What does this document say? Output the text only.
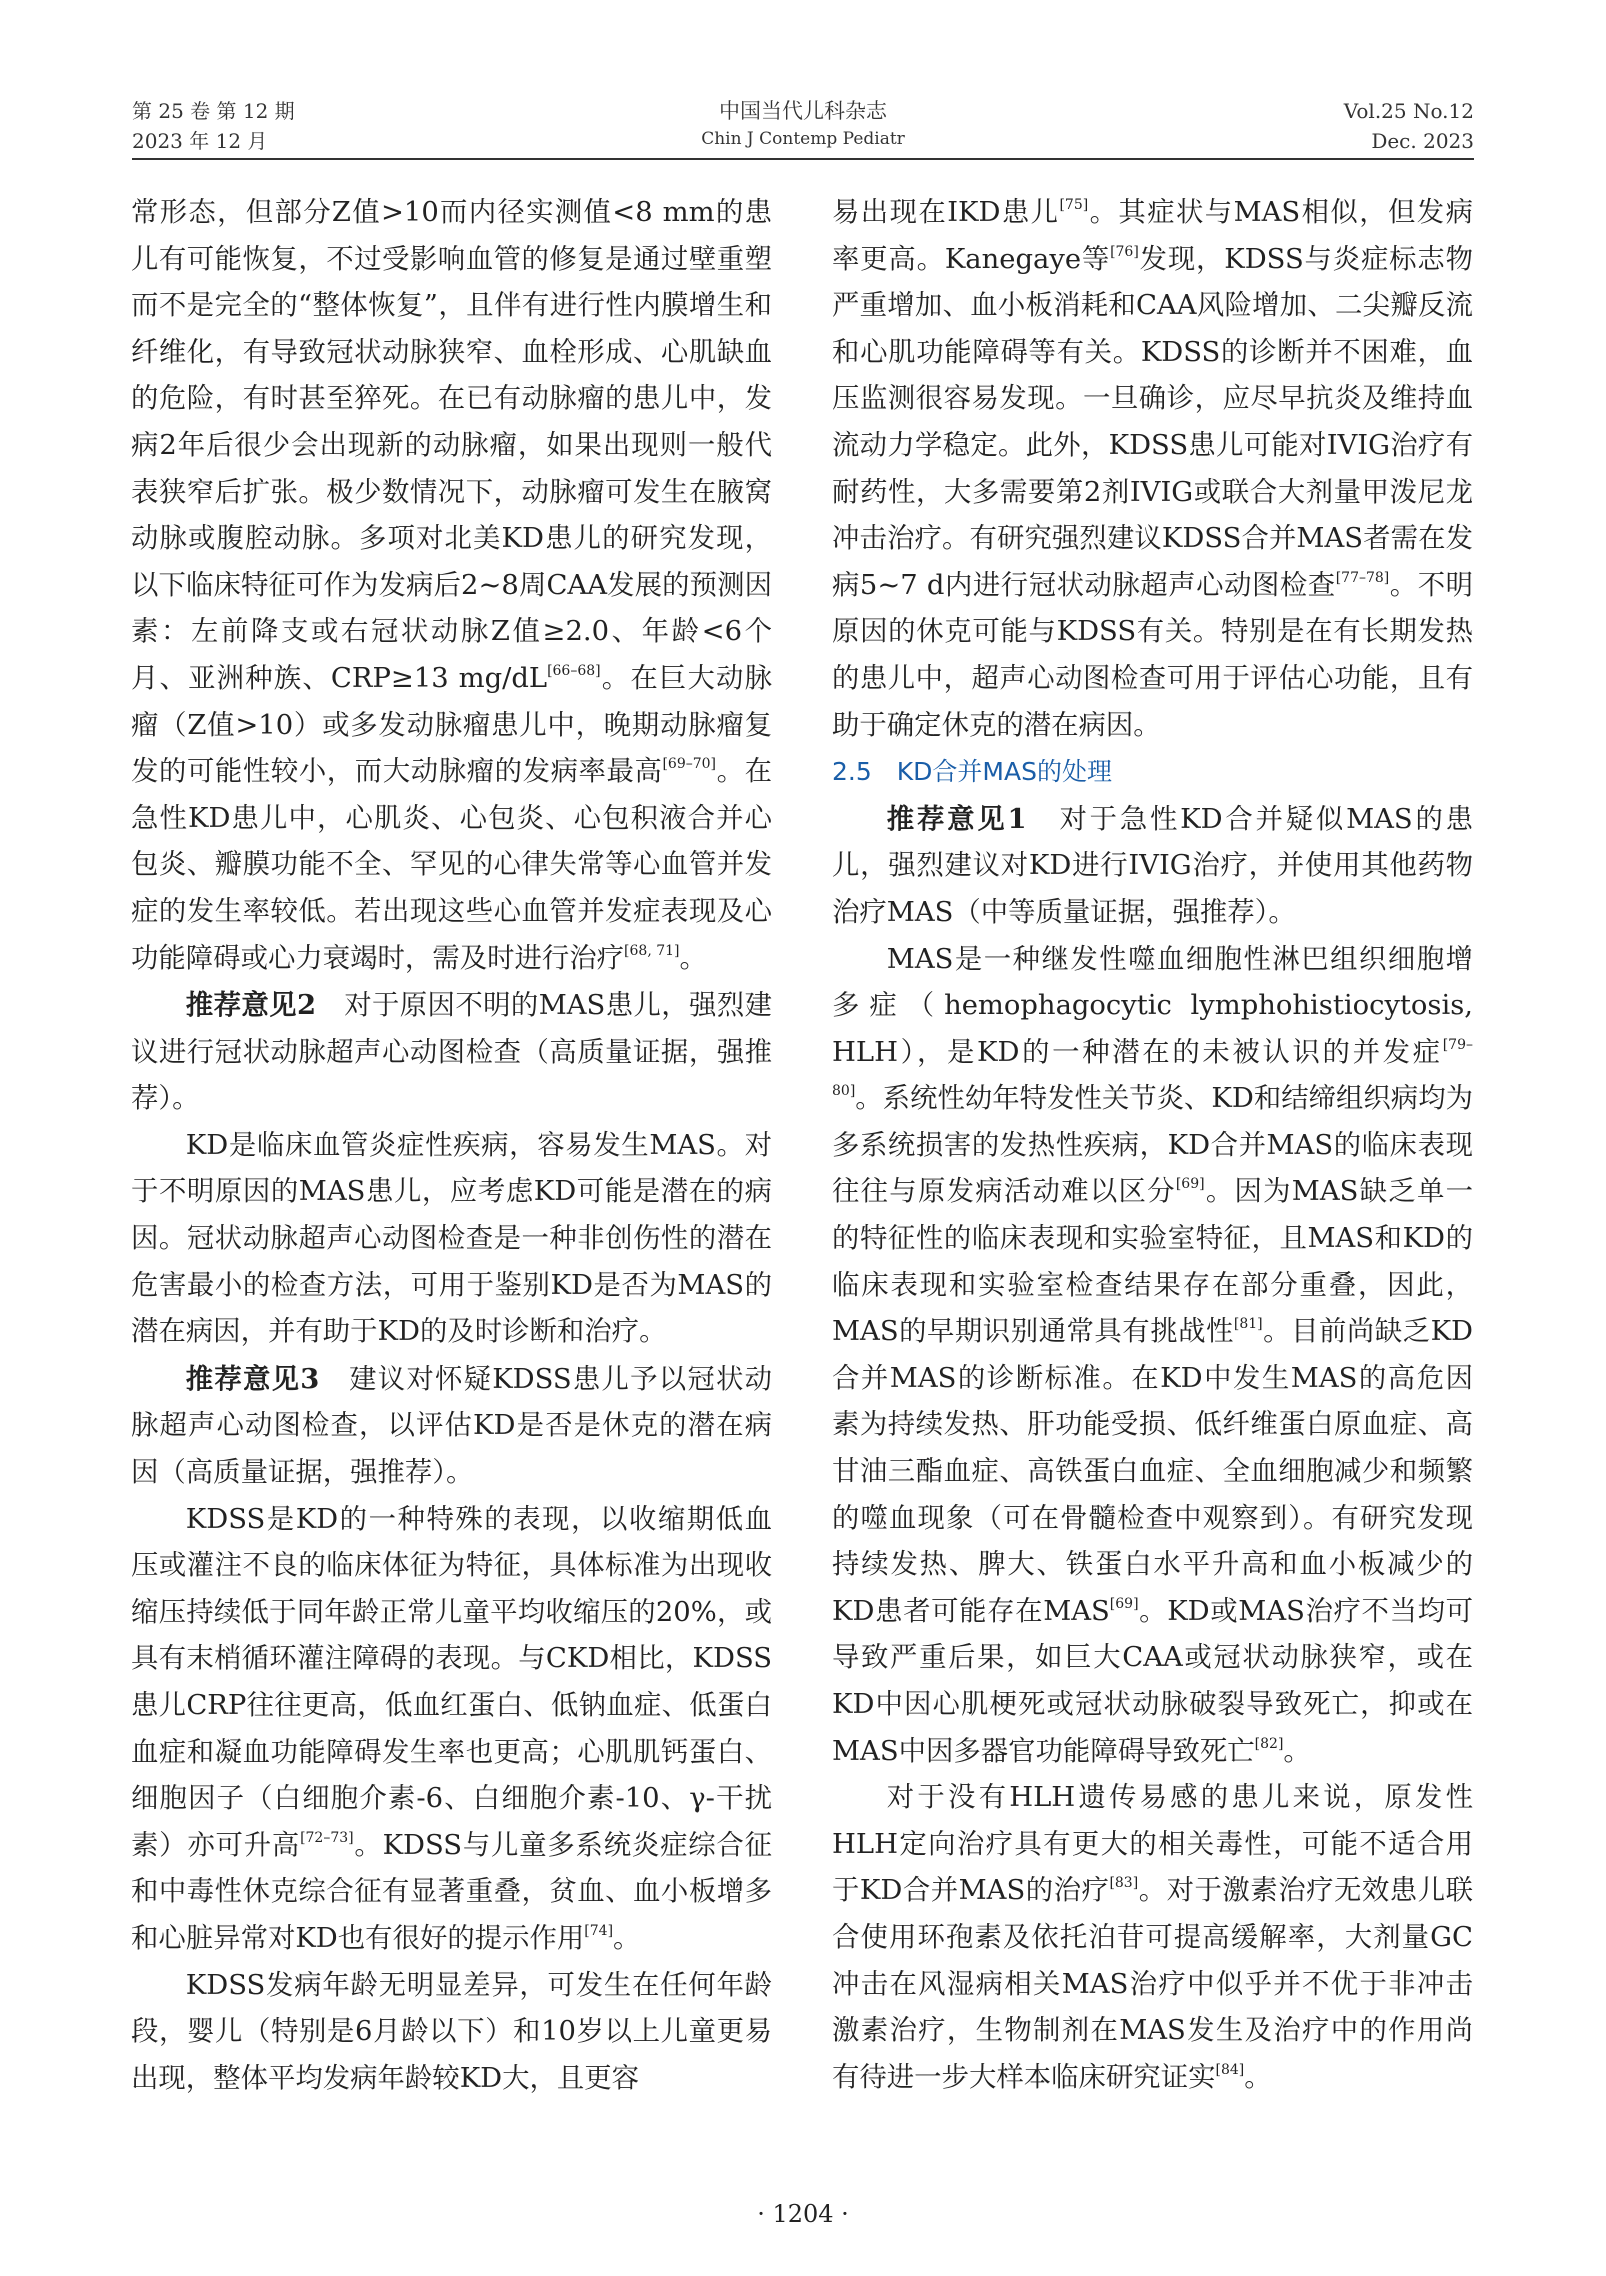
第 25 卷 第 12 期
2023 年 12 月
中国当代儿科杂志
Chin J Contemp Pediatr
Vol.25 No.12
Dec. 2023

常形态，但部分Z值>10而内径实测值<8 mm的患儿有可能恢复，不过受影响血管的修复是通过壁重塑而不是完全的“整体恢复”，且伴有进行性内膜增生和纤维化，有导致冠状动脉狭窄、血栓形成、心肌缺血的危险，有时甚至猝死。在已有动脉瘤的患儿中，发病2年后很少会出现新的动脉瘤，如果出现则一般代表狭窄后扩张。极少数情况下，动脉瘤可发生在腋窝动脉或腹腔动脉。多项对北美KD患儿的研究发现，以下临床特征可作为发病后2~8周CAA发展的预测因素：左前降支或右冠状动脉Z值≥2.0、年龄<6个月、亚洲种族、CRP≥13 mg/dL[66–68]。在巨大动脉瘤（Z值>10）或多发动脉瘤患儿中，晚期动脉瘤复发的可能性较小，而大动脉瘤的发病率最高[69–70]。在急性KD患儿中，心肌炎、心包炎、心包积液合并心包炎、瓣膜功能不全、罕见的心律失常等心血管并发症的发生率较低。若出现这些心血管并发症表现及心功能障碍或心力衰竭时，需及时进行治疗[68, 71]。

推荐意见2　对于原因不明的MAS患儿，强烈建议进行冠状动脉超声心动图检查（高质量证据，强推荐）。

KD是临床血管炎症性疾病，容易发生MAS。对于不明原因的MAS患儿，应考虑KD可能是潜在的病因。冠状动脉超声心动图检查是一种非创伤性的潜在危害最小的检查方法，可用于鉴别KD是否为MAS的潜在病因，并有助于KD的及时诊断和治疗。

推荐意见3　建议对怀疑KDSS患儿予以冠状动脉超声心动图检查，以评估KD是否是休克的潜在病因（高质量证据，强推荐）。

KDSS是KD的一种特殊的表现，以收缩期低血压或灌注不良的临床体征为特征，具体标准为出现收缩压持续低于同年龄正常儿童平均收缩压的20%，或具有末梢循环灌注障碍的表现。与CKD相比，KDSS患儿CRP往往更高，低血红蛋白、低钠血症、低蛋白血症和凝血功能障碍发生率也更高；心肌肌钙蛋白、细胞因子（白细胞介素-6、白细胞介素-10、γ-干扰素）亦可升高[72–73]。KDSS与儿童多系统炎症综合征和中毒性休克综合征有显著重叠，贫血、血小板增多和心脏异常对KD也有很好的提示作用[74]。

KDSS发病年龄无明显差异，可发生在任何年龄段，婴儿（特别是6月龄以下）和10岁以上儿童更易出现，整体平均发病年龄较KD大，且更容

易出现在IKD患儿[75]。其症状与MAS相似，但发病率更高。Kanegaye等[76]发现，KDSS与炎症标志物严重增加、血小板消耗和CAA风险增加、二尖瓣反流和心肌功能障碍等有关。KDSS的诊断并不困难，血压监测很容易发现。一旦确诊，应尽早抗炎及维持血流动力学稳定。此外，KDSS患儿可能对IVIG治疗有耐药性，大多需要第2剂IVIG或联合大剂量甲泼尼龙冲击治疗。有研究强烈建议KDSS合并MAS者需在发病5~7 d内进行冠状动脉超声心动图检查[77–78]。不明原因的休克可能与KDSS有关。特别是在有长期发热的患儿中，超声心动图检查可用于评估心功能，且有助于确定休克的潜在病因。

2.5　KD合并MAS的处理

推荐意见1　对于急性KD合并疑似MAS的患儿，强烈建议对KD进行IVIG治疗，并使用其他药物治疗MAS（中等质量证据，强推荐）。

MAS是一种继发性噬血细胞性淋巴组织细胞增多症（hemophagocytic lymphohistiocytosis, HLH），是KD的一种潜在的未被认识的并发症[79–80]。系统性幼年特发性关节炎、KD和结缔组织病均为多系统损害的发热性疾病，KD合并MAS的临床表现往往与原发病活动难以区分[69]。因为MAS缺乏单一的特征性的临床表现和实验室特征，且MAS和KD的临床表现和实验室检查结果存在部分重叠，因此，MAS的早期识别通常具有挑战性[81]。目前尚缺乏KD合并MAS的诊断标准。在KD中发生MAS的高危因素为持续发热、肝功能受损、低纤维蛋白原血症、高甘油三酯血症、高铁蛋白血症、全血细胞减少和频繁的噬血现象（可在骨髓检查中观察到）。有研究发现持续发热、脾大、铁蛋白水平升高和血小板减少的KD患者可能存在MAS[69]。KD或MAS治疗不当均可导致严重后果，如巨大CAA或冠状动脉狭窄，或在KD中因心肌梗死或冠状动脉破裂导致死亡，抑或在MAS中因多器官功能障碍导致死亡[82]。

对于没有HLH遗传易感的患儿来说，原发性HLH定向治疗具有更大的相关毒性，可能不适合用于KD合并MAS的治疗[83]。对于激素治疗无效患儿联合使用环孢素及依托泊苷可提高缓解率，大剂量GC冲击在风湿病相关MAS治疗中似乎并不优于非冲击激素治疗，生物制剂在MAS发生及治疗中的作用尚有待进一步大样本临床研究证实[84]。

· 1204 ·
